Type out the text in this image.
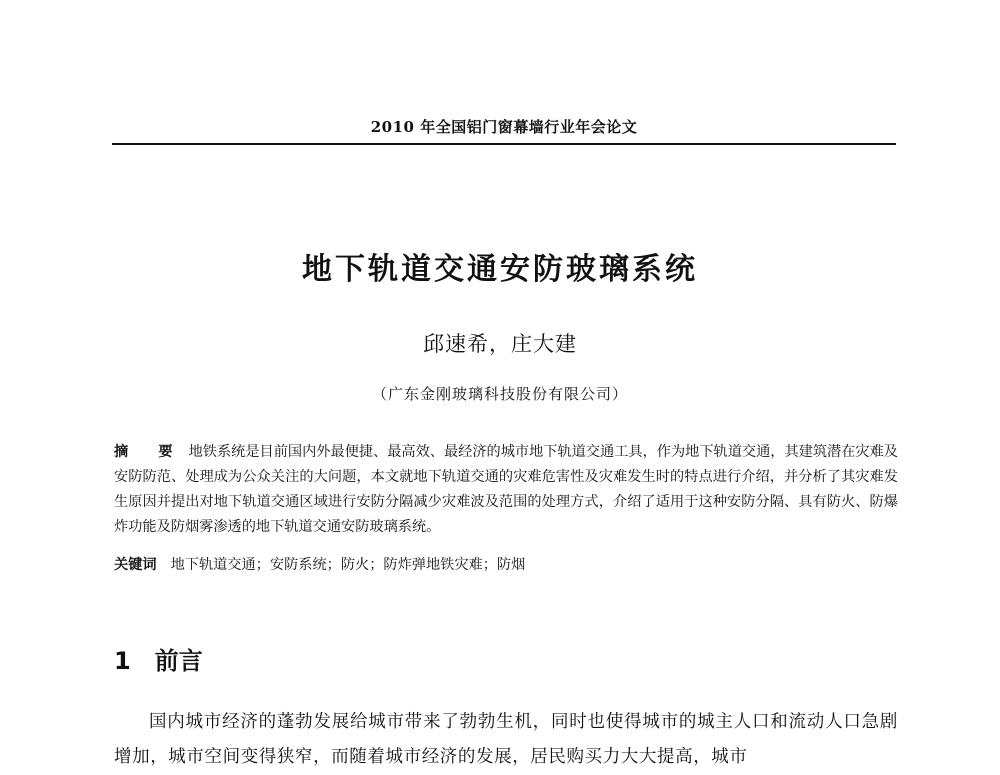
2010 年全国铝门窗幕墙行业年会论文
地下轨道交通安防玻璃系统
邱速希，庄大建
（广东金刚玻璃科技股份有限公司）
摘　要 地铁系统是目前国内外最便捷、最高效、最经济的城市地下轨道交通工具，作为地下轨道交通，其建筑潜在灾难及安防防范、处理成为公众关注的大问题，本文就地下轨道交通的灾难危害性及灾难发生时的特点进行介绍，并分析了其灾难发生原因并提出对地下轨道交通区域进行安防分隔减少灾难波及范围的处理方式，介绍了适用于这种安防分隔、具有防火、防爆炸功能及防烟雾渗透的地下轨道交通安防玻璃系统。
关键词 地下轨道交通；安防系统；防火；防炸弹地铁灾难；防烟
1 前言
国内城市经济的蓬勃发展给城市带来了勃勃生机，同时也使得城市的城主人口和流动人口急剧增加，城市空间变得狭窄，而随着城市经济的发展，居民购买力大大提高，城市
